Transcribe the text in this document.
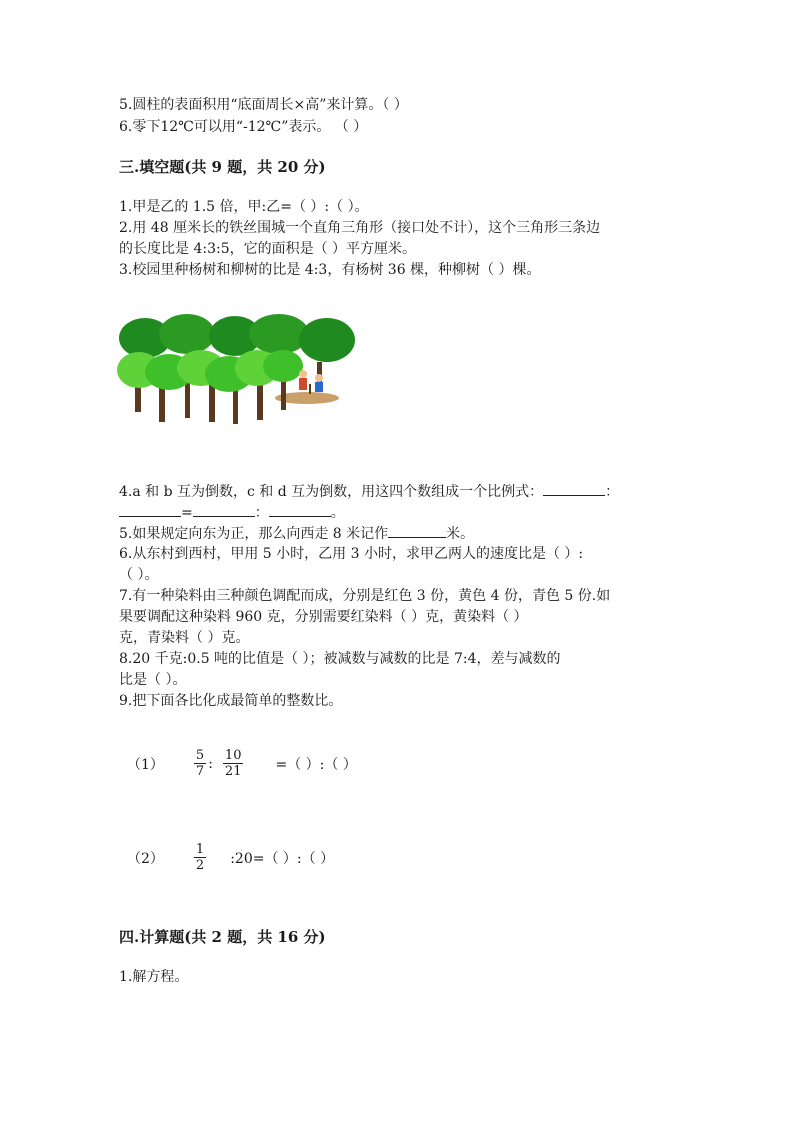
5.圆柱的表面积用“底面周长×高”来计算。（ ）
6.零下12℃可以用“-12℃”表示。 （ ）
三.填空题(共 9 题，共 20 分)
1.甲是乙的 1.5 倍，甲:乙=（ ）:（ ）。
2.用 48 厘米长的铁丝围城一个直角三角形（接口处不计），这个三角形三条边
的长度比是 4:3:5，它的面积是（ ）平方厘米。
3.校园里种杨树和柳树的比是 4:3，有杨树 36 棵，种柳树（ ）棵。
4.a 和 b 互为倒数，c 和 d 互为倒数，用这四个数组成一个比例式：	：
=	：	。
5.如果规定向东为正，那么向西走 8 米记作	米。
6.从东村到西村，甲用 5 小时，乙用 3 小时，求甲乙两人的速度比是（ ）:
（ ）。
7.有一种染料由三种颜色调配而成，分别是红色 3 份，黄色 4 份，青色 5 份.如
果要调配这种染料 960 克，分别需要红染料（ ）克，黄染料（ ）
克，青染料（ ）克。
8.20 千克:0.5 吨的比值是（ ）；被减数与减数的比是 7:4，差与减数的
比是（ ）。
9.把下面各比化成最简单的整数比。
$(1) \frac{5}{7}$ : $\frac{10}{21}$ =（ ）:（ ）
$(2) \frac{1}{2}$ :20=（ ）:（ ）
四.计算题(共 2 题，共 16 分)
1.解方程。
